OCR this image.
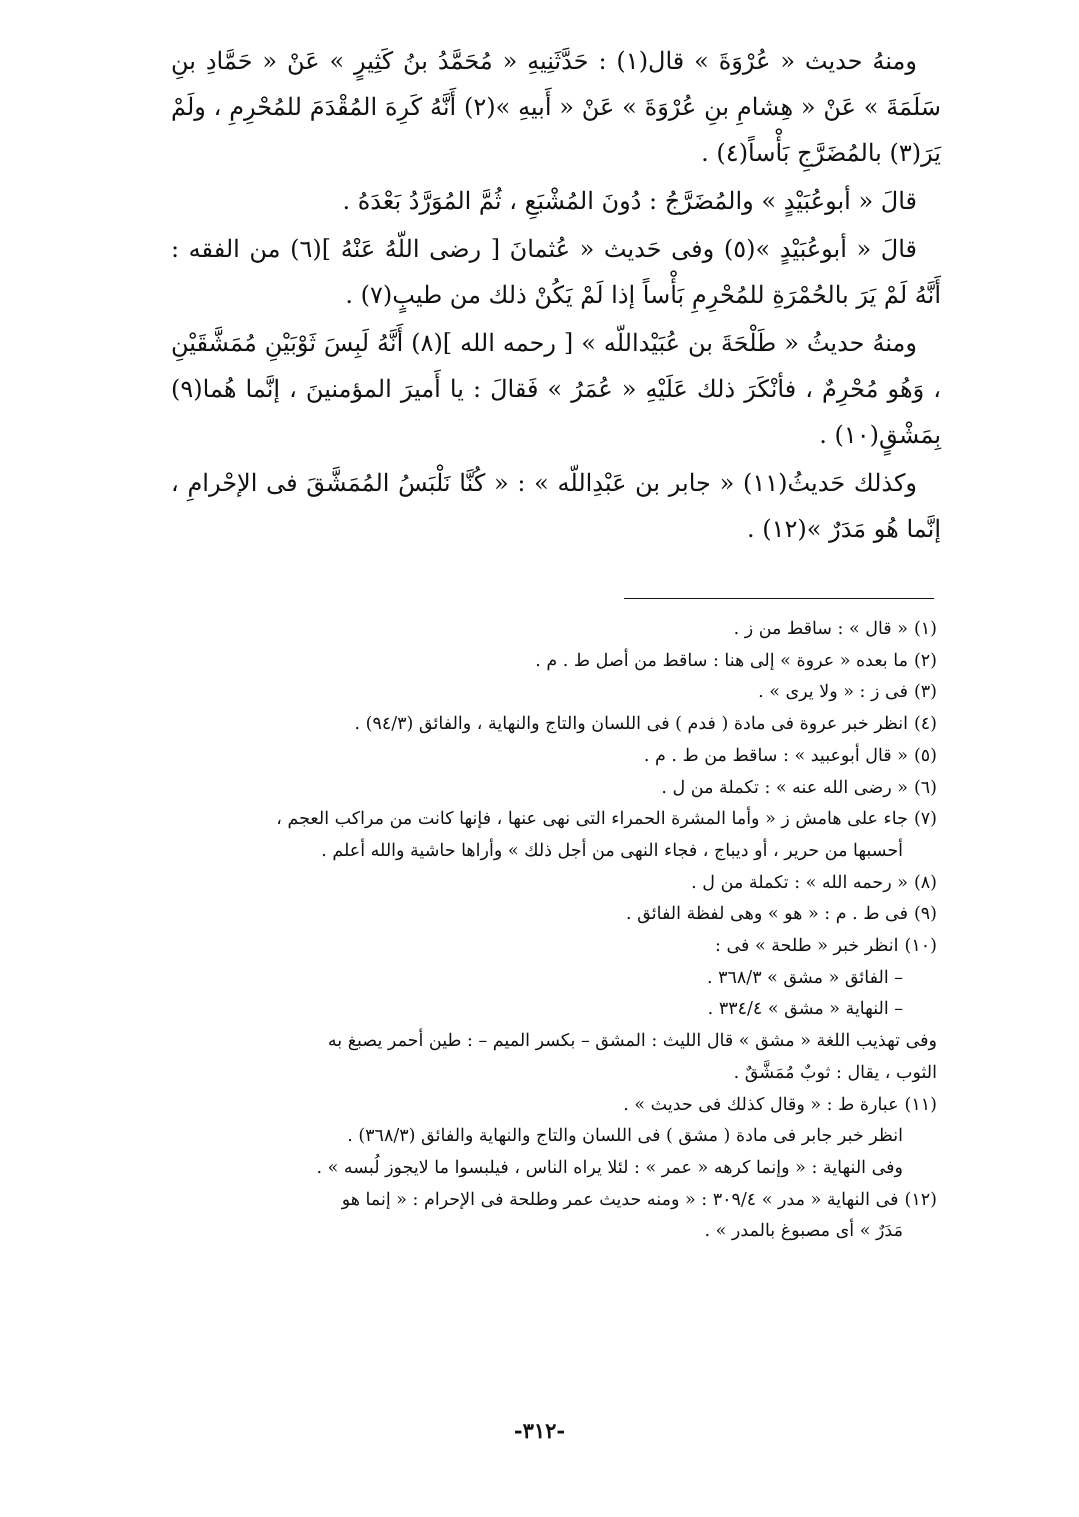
ومنهُ حديث « عُرْوَةَ » قال(١) : حَدَّثَنِيهِ « مُحَمَّدُ بنُ كَثِيرٍ » عَنْ « حَمَّادِ بنِ سَلَمَةَ » عَنْ « هِشامِ بنِ عُرْوَةَ » عَنْ « أَبيهِ »(٢) أَنَّهُ كَرِهَ المُقْدَمَ للمُحْرِمِ ، ولَمْ يَرَ(٣) بالمُضَرَّجِ بَأْساً(٤) .

قالَ « أبوعُبَيْدٍ » والمُضَرَّجُ : دُونَ المُشْبَعِ ، ثُمَّ المُوَرَّدُ بَعْدَهُ .

قالَ « أبوعُبَيْدٍ »(٥) وفى حَديث « عُثمانَ [ رضى اللّهُ عَنْهُ ](٦) من الفقه : أَنَّهُ لَمْ يَرَ بالحُمْرَةِ للمُحْرِمِ بَأْساً إذا لَمْ يَكُنْ ذلك من طيبٍ(٧) .

ومنهُ حديثُ « طَلْحَةَ بن عُبَيْداللّه » [ رحمه الله ](٨) أَنَّهُ لَبِسَ ثَوْبَيْنِ مُمَشَّقَيْنِ ، وَهُو مُحْرِمٌ ، فأنْكَرَ ذلك عَلَيْهِ « عُمَرُ » فَقالَ : يا أَميرَ المؤمنينَ ، إنَّما هُما(٩) بِمَشْقٍ(١٠) .

وكذلك حَديثُ(١١) « جابر بن عَبْدِاللّه » : « كُنَّا نَلْبَسُ المُمَشَّقَ فى الإحْرامِ ، إنَّما هُو مَدَرٌ »(١٢) .

(١)« قال » : ساقط من ز .

(٢)ما بعده « عروة » إلى هنا : ساقط من أصل ط . م .

(٣)فى ز : « ولا يرى » .

(٤)انظر خبر عروة فى مادة ( فدم ) فى اللسان والتاج والنهاية ، والفائق (٩٤/٣) .

(٥)« قال أبوعبيد » : ساقط من ط . م .

(٦)« رضى الله عنه » : تكملة من ل .

(٧)جاء على هامش ز « وأما المشرة الحمراء التى نهى عنها ، فإنها كانت من مراكب العجم ،

أحسبها من حرير ، أو ديباج ، فجاء النهى من أجل ذلك » وأراها حاشية والله أعلم .

(٨)« رحمه الله » : تكملة من ل .

(٩)فى ط . م : « هو » وهى لفظة الفائق .

(١٠)انظر خبر « طلحة » فى :

– الفائق « مشق » ٣٦٨/٣ .

– النهاية « مشق » ٣٣٤/٤ .

وفى تهذيب اللغة « مشق » قال الليث : المشق – بكسر الميم – : طين أحمر يصبغ به

الثوب ، يقال : ثوبٌ مُمَشَّقٌ .

(١١)عبارة ط : « وقال كذلك فى حديث » .

انظر خبر جابر فى مادة ( مشق ) فى اللسان والتاج والنهاية والفائق (٣٦٨/٣) .

وفى النهاية : « وإنما كرهه « عمر » : لئلا يراه الناس ، فيلبسوا ما لايجوز لُبسه » .

(١٢)فى النهاية « مدر » ٣٠٩/٤ : « ومنه حديث عمر وطلحة فى الإحرام : « إنما هو

مَدَرٌ » أى مصبوغ بالمدر » .

-٣١٢-
